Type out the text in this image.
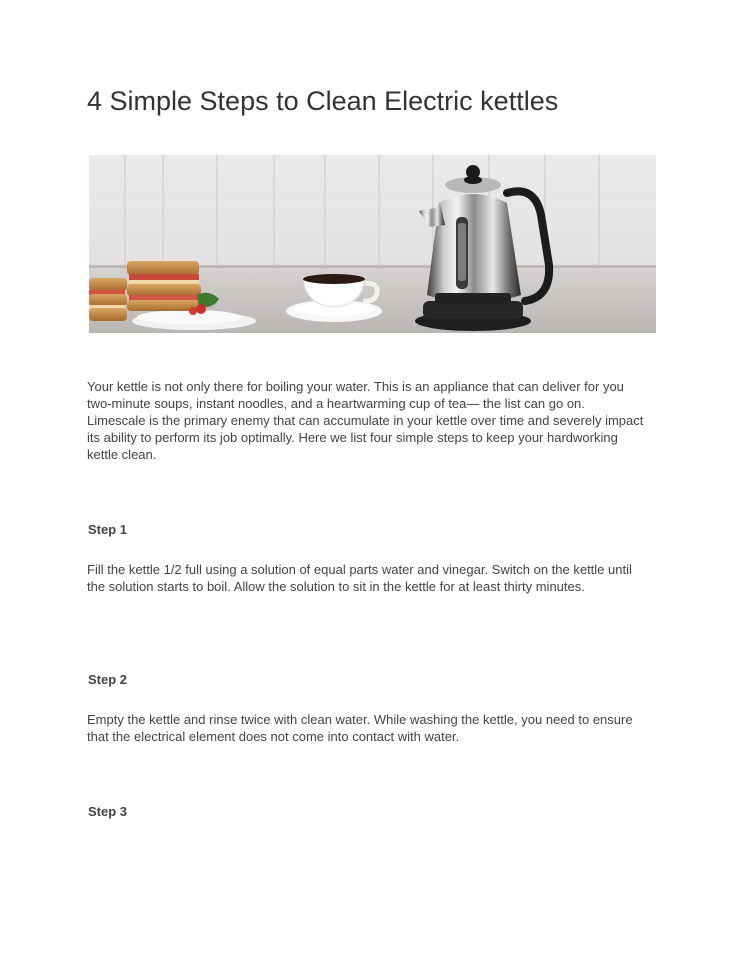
4 Simple Steps to Clean Electric kettles

Your kettle is not only there for boiling your water. This is an appliance that can deliver for you two-minute soups, instant noodles, and a heartwarming cup of tea— the list can go on. Limescale is the primary enemy that can accumulate in your kettle over time and severely impact its ability to perform its job optimally. Here we list four simple steps to keep your hardworking kettle clean.

Step 1

Fill the kettle 1/2 full using a solution of equal parts water and vinegar. Switch on the kettle until the solution starts to boil. Allow the solution to sit in the kettle for at least thirty minutes.

Step 2

Empty the kettle and rinse twice with clean water. While washing the kettle, you need to ensure that the electrical element does not come into contact with water.

Step 3
